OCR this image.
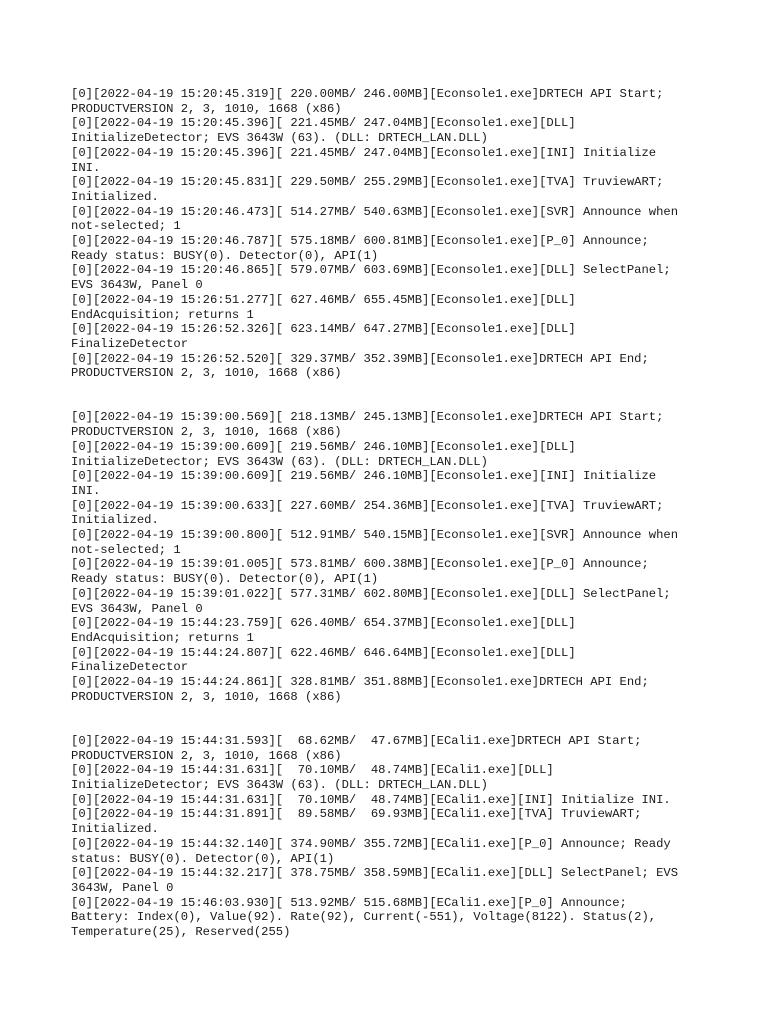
[0][2022-04-19 15:20:45.319][ 220.00MB/ 246.00MB][Econsole1.exe]DRTECH API Start;
PRODUCTVERSION 2, 3, 1010, 1668 (x86)
[0][2022-04-19 15:20:45.396][ 221.45MB/ 247.04MB][Econsole1.exe][DLL]
InitializeDetector; EVS 3643W (63). (DLL: DRTECH_LAN.DLL)
[0][2022-04-19 15:20:45.396][ 221.45MB/ 247.04MB][Econsole1.exe][INI] Initialize
INI.
[0][2022-04-19 15:20:45.831][ 229.50MB/ 255.29MB][Econsole1.exe][TVA] TruviewART;
Initialized.
[0][2022-04-19 15:20:46.473][ 514.27MB/ 540.63MB][Econsole1.exe][SVR] Announce when
not-selected; 1
[0][2022-04-19 15:20:46.787][ 575.18MB/ 600.81MB][Econsole1.exe][P_0] Announce;
Ready status: BUSY(0). Detector(0), API(1)
[0][2022-04-19 15:20:46.865][ 579.07MB/ 603.69MB][Econsole1.exe][DLL] SelectPanel;
EVS 3643W, Panel 0
[0][2022-04-19 15:26:51.277][ 627.46MB/ 655.45MB][Econsole1.exe][DLL]
EndAcquisition; returns 1
[0][2022-04-19 15:26:52.326][ 623.14MB/ 647.27MB][Econsole1.exe][DLL]
FinalizeDetector
[0][2022-04-19 15:26:52.520][ 329.37MB/ 352.39MB][Econsole1.exe]DRTECH API End;
PRODUCTVERSION 2, 3, 1010, 1668 (x86)
[0][2022-04-19 15:39:00.569][ 218.13MB/ 245.13MB][Econsole1.exe]DRTECH API Start;
PRODUCTVERSION 2, 3, 1010, 1668 (x86)
[0][2022-04-19 15:39:00.609][ 219.56MB/ 246.10MB][Econsole1.exe][DLL]
InitializeDetector; EVS 3643W (63). (DLL: DRTECH_LAN.DLL)
[0][2022-04-19 15:39:00.609][ 219.56MB/ 246.10MB][Econsole1.exe][INI] Initialize
INI.
[0][2022-04-19 15:39:00.633][ 227.60MB/ 254.36MB][Econsole1.exe][TVA] TruviewART;
Initialized.
[0][2022-04-19 15:39:00.800][ 512.91MB/ 540.15MB][Econsole1.exe][SVR] Announce when
not-selected; 1
[0][2022-04-19 15:39:01.005][ 573.81MB/ 600.38MB][Econsole1.exe][P_0] Announce;
Ready status: BUSY(0). Detector(0), API(1)
[0][2022-04-19 15:39:01.022][ 577.31MB/ 602.80MB][Econsole1.exe][DLL] SelectPanel;
EVS 3643W, Panel 0
[0][2022-04-19 15:44:23.759][ 626.40MB/ 654.37MB][Econsole1.exe][DLL]
EndAcquisition; returns 1
[0][2022-04-19 15:44:24.807][ 622.46MB/ 646.64MB][Econsole1.exe][DLL]
FinalizeDetector
[0][2022-04-19 15:44:24.861][ 328.81MB/ 351.88MB][Econsole1.exe]DRTECH API End;
PRODUCTVERSION 2, 3, 1010, 1668 (x86)
[0][2022-04-19 15:44:31.593][  68.62MB/  47.67MB][ECali1.exe]DRTECH API Start;
PRODUCTVERSION 2, 3, 1010, 1668 (x86)
[0][2022-04-19 15:44:31.631][  70.10MB/  48.74MB][ECali1.exe][DLL]
InitializeDetector; EVS 3643W (63). (DLL: DRTECH_LAN.DLL)
[0][2022-04-19 15:44:31.631][  70.10MB/  48.74MB][ECali1.exe][INI] Initialize INI.
[0][2022-04-19 15:44:31.891][  89.58MB/  69.93MB][ECali1.exe][TVA] TruviewART;
Initialized.
[0][2022-04-19 15:44:32.140][ 374.90MB/ 355.72MB][ECali1.exe][P_0] Announce; Ready
status: BUSY(0). Detector(0), API(1)
[0][2022-04-19 15:44:32.217][ 378.75MB/ 358.59MB][ECali1.exe][DLL] SelectPanel; EVS
3643W, Panel 0
[0][2022-04-19 15:46:03.930][ 513.92MB/ 515.68MB][ECali1.exe][P_0] Announce;
Battery: Index(0), Value(92). Rate(92), Current(-551), Voltage(8122). Status(2),
Temperature(25), Reserved(255)
